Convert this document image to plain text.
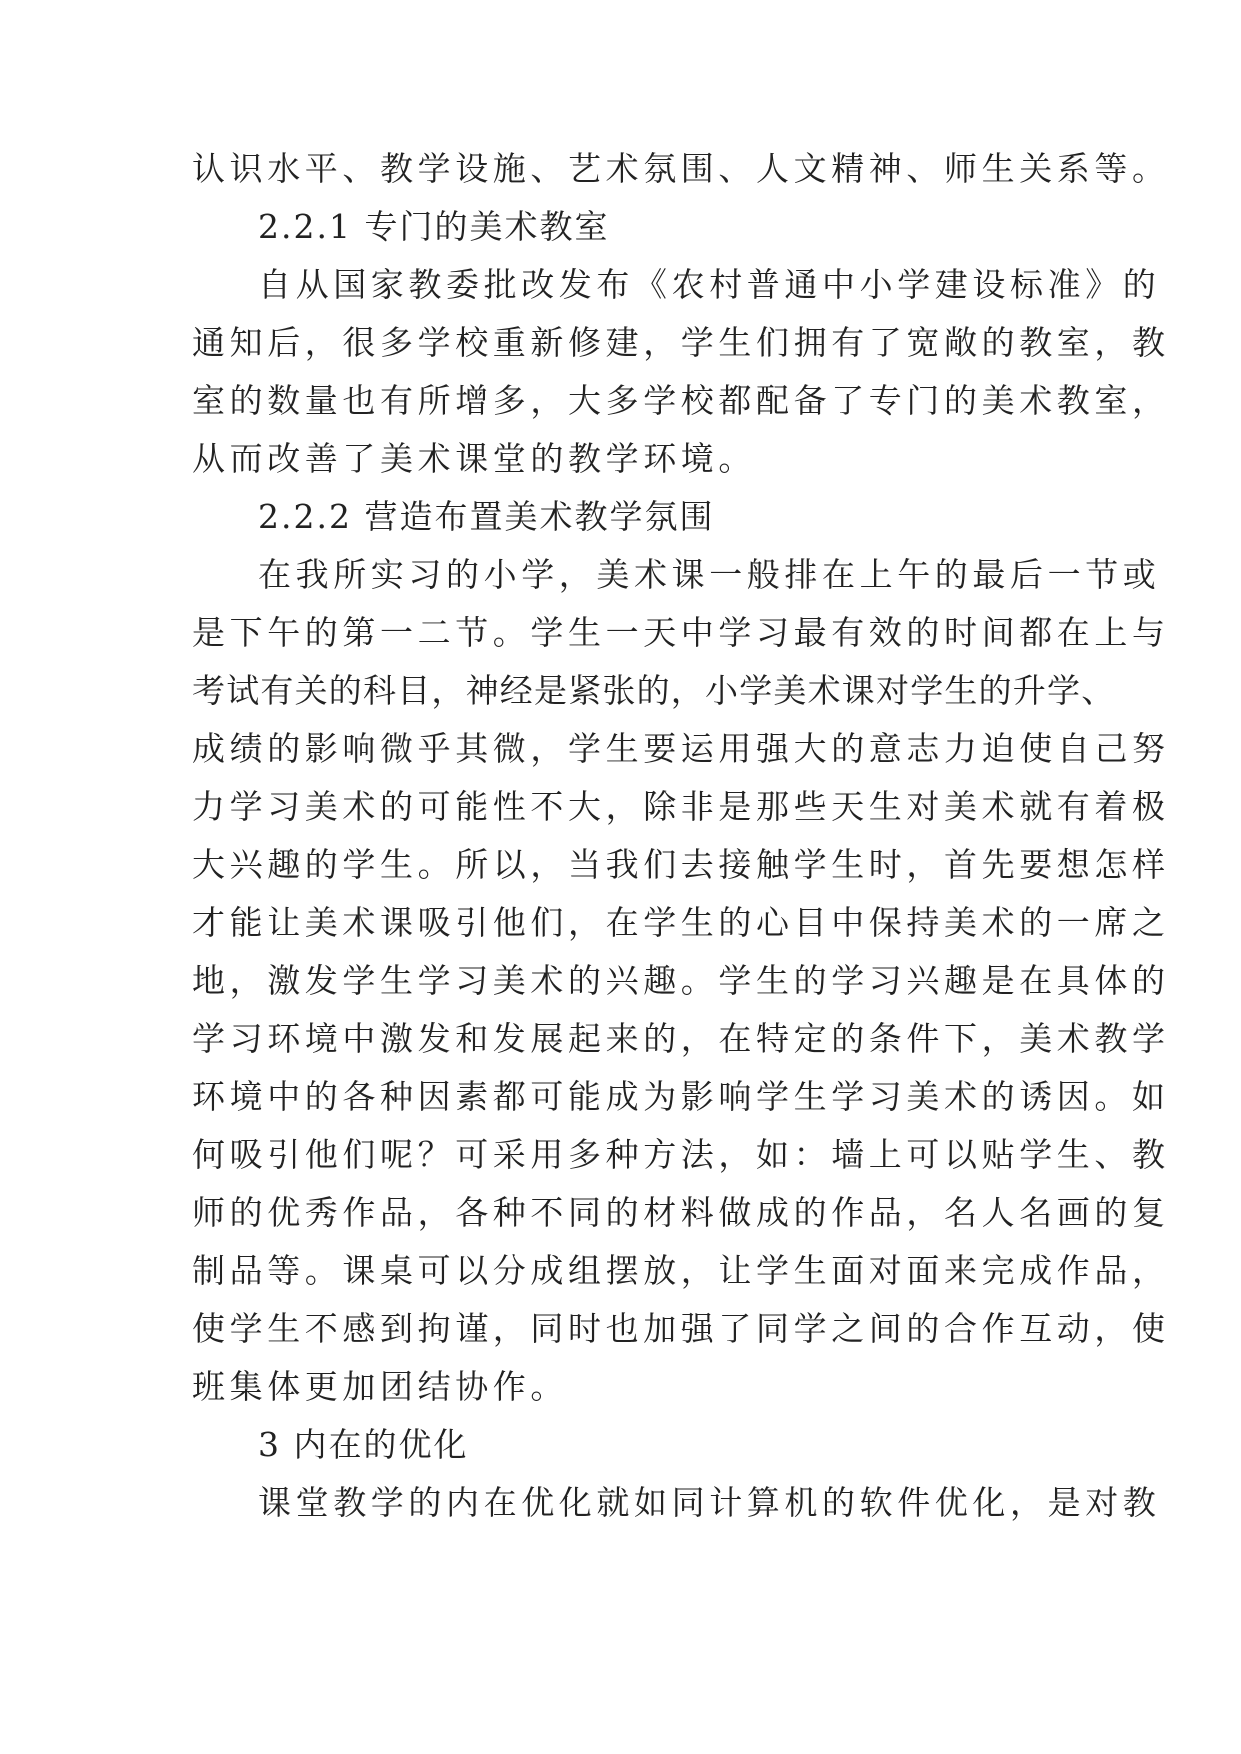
认识水平、教学设施、艺术氛围、人文精神、师生关系等。
2.2.1 专门的美术教室
自从国家教委批改发布《农村普通中小学建设标准》的
通知后，很多学校重新修建，学生们拥有了宽敞的教室，教
室的数量也有所增多，大多学校都配备了专门的美术教室，
从而改善了美术课堂的教学环境。
2.2.2 营造布置美术教学氛围
在我所实习的小学，美术课一般排在上午的最后一节或
是下午的第一二节。学生一天中学习最有效的时间都在上与
考试有关的科目，神经是紧张的，小学美术课对学生的升学、
成绩的影响微乎其微，学生要运用强大的意志力迫使自己努
力学习美术的可能性不大，除非是那些天生对美术就有着极
大兴趣的学生。所以，当我们去接触学生时，首先要想怎样
才能让美术课吸引他们，在学生的心目中保持美术的一席之
地，激发学生学习美术的兴趣。学生的学习兴趣是在具体的
学习环境中激发和发展起来的，在特定的条件下，美术教学
环境中的各种因素都可能成为影响学生学习美术的诱因。如
何吸引他们呢？可采用多种方法，如：墙上可以贴学生、教
师的优秀作品，各种不同的材料做成的作品，名人名画的复
制品等。课桌可以分成组摆放，让学生面对面来完成作品，
使学生不感到拘谨，同时也加强了同学之间的合作互动，使
班集体更加团结协作。
3 内在的优化
课堂教学的内在优化就如同计算机的软件优化，是对教
